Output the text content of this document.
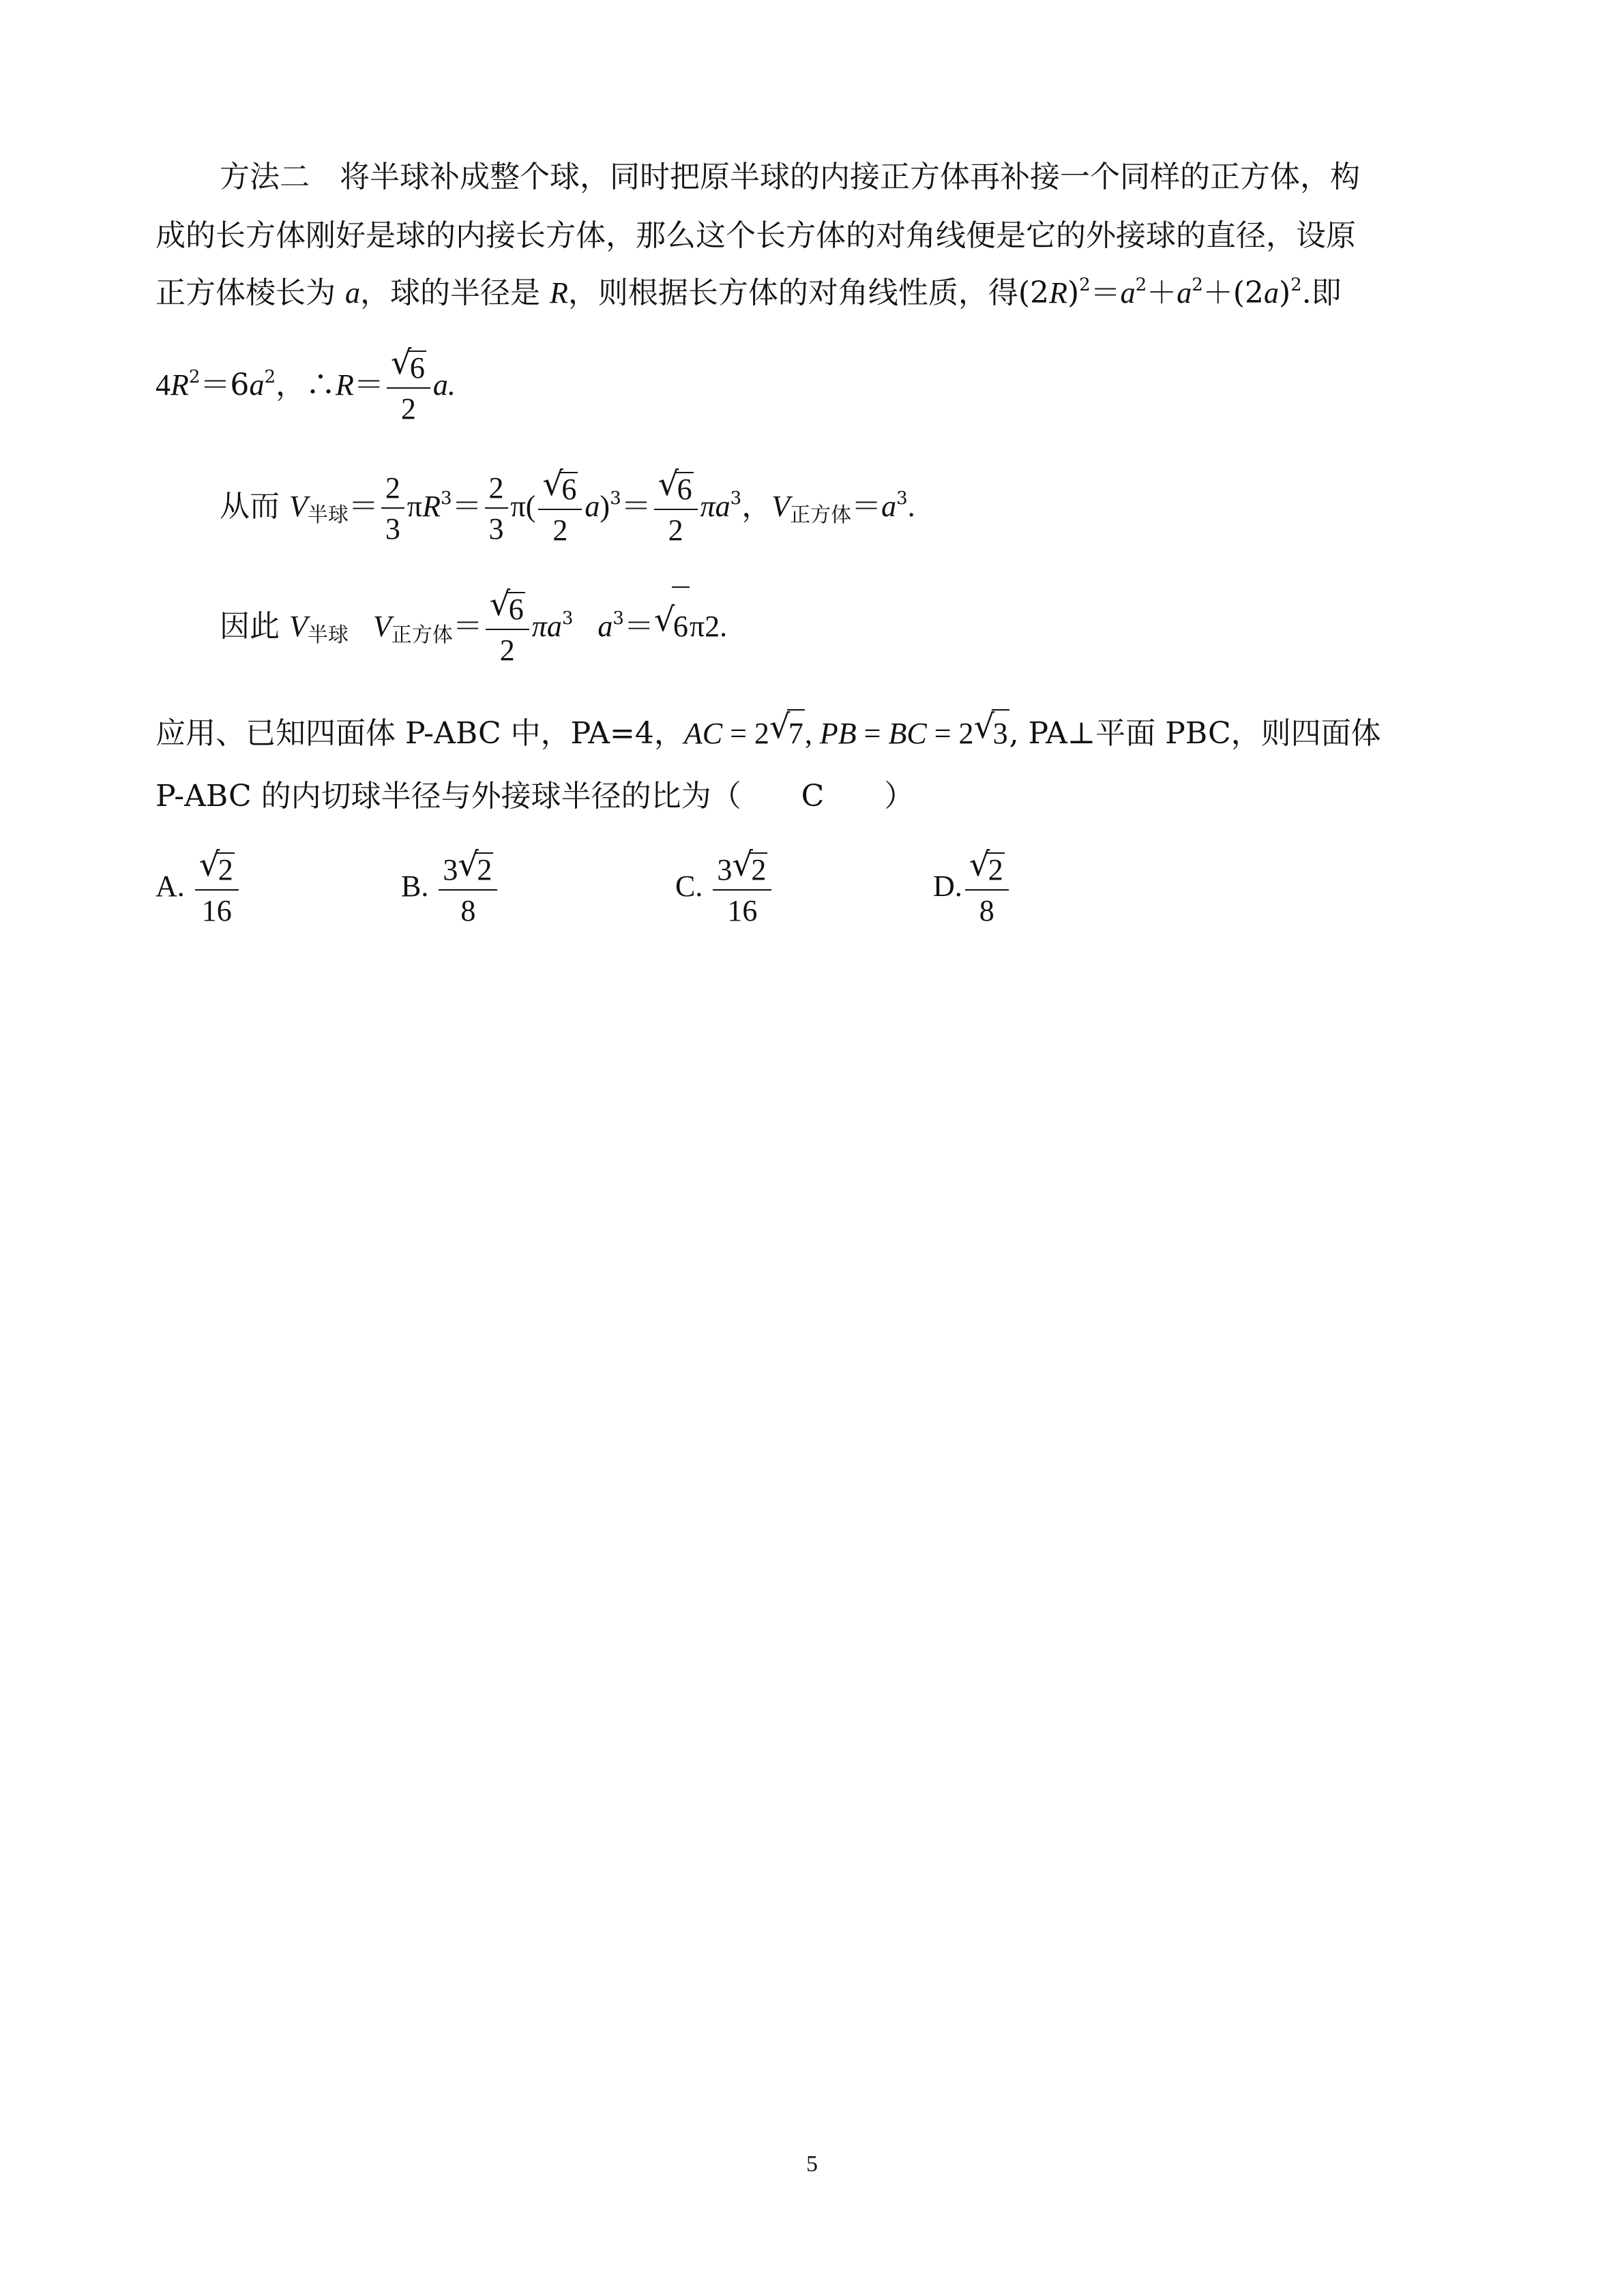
方法二　将半球补成整个球，同时把原半球的内接正方体再补接一个同样的正方体，构
成的长方体刚好是球的内接长方体，那么这个长方体的对角线便是它的外接球的直径，设原
正方体棱长为 a，球的半径是 R，则根据长方体的对角线性质，得$(2R)^2=a^2+a^2+(2a)^2$.即
$4R^2=6a^2$，∴R＝ √
6
2 a.
从而 $V_{半球}= \frac{2}{3} \pi R^3= \frac{2}{3} \pi$( √
6
2 a)$^3$＝ √
6
2 $\pi a^3$，$V_{正方体}=a^3$.
因此 $V_{半球}$ $V_{正方体}=$ √
6
2 $\pi a^3$ $a^3=$ √
6π2.
应用、已知四面体 P-ABC 中，PA=4，AC = 2 √
7, PB = BC = 2 √
3, PA⊥平面 PBC，则四面体
P-ABC 的内切球半径与外接球半径的比为（　　C　　）
A. √
2
16	B. 3 √
2
8	C. 3 √
2
16	D. √
2
8
5
